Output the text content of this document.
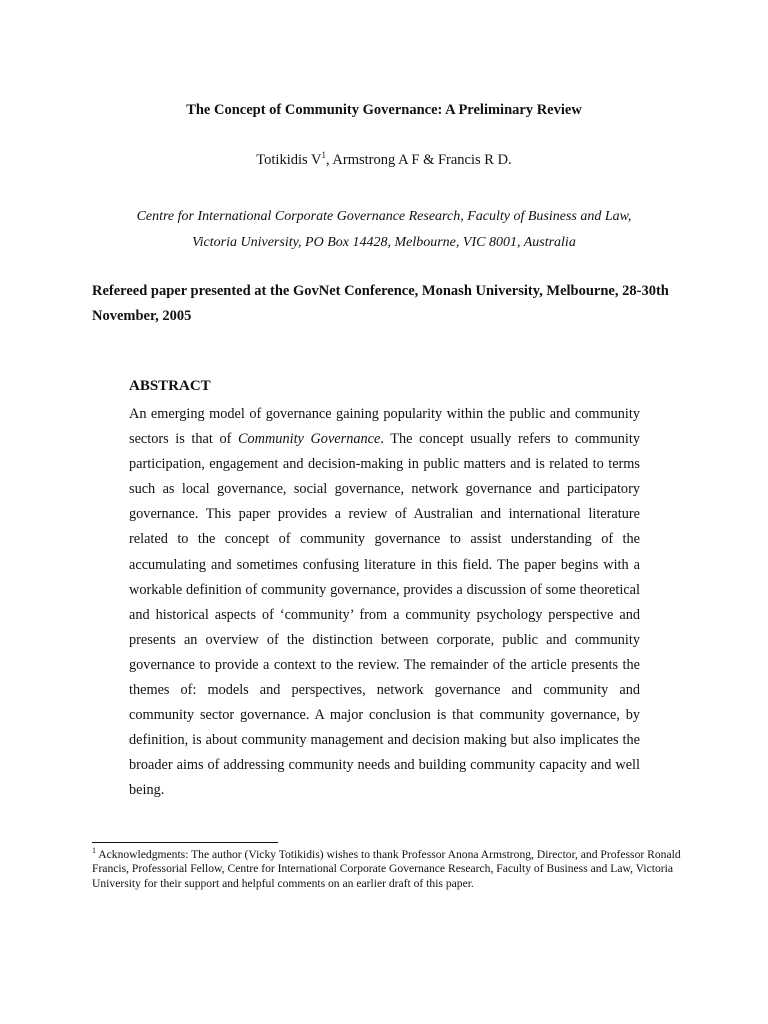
The Concept of Community Governance: A Preliminary Review
Totikidis $V^1$, Armstrong A F & Francis R D.
Centre for International Corporate Governance Research, Faculty of Business and Law,
Victoria University, PO Box 14428, Melbourne, VIC 8001, Australia
Refereed paper presented at the GovNet Conference, Monash University, Melbourne, 28-30th November, 2005
ABSTRACT
An emerging model of governance gaining popularity within the public and community sectors is that of Community Governance. The concept usually refers to community participation, engagement and decision-making in public matters and is related to terms such as local governance, social governance, network governance and participatory governance. This paper provides a review of Australian and international literature related to the concept of community governance to assist understanding of the accumulating and sometimes confusing literature in this field. The paper begins with a workable definition of community governance, provides a discussion of some theoretical and historical aspects of ‘community’ from a community psychology perspective and presents an overview of the distinction between corporate, public and community governance to provide a context to the review. The remainder of the article presents the themes of: models and perspectives, network governance and community and community sector governance. A major conclusion is that community governance, by definition, is about community management and decision making but also implicates the broader aims of addressing community needs and building community capacity and well being.
$^1$ Acknowledgments: The author (Vicky Totikidis) wishes to thank Professor Anona Armstrong, Director, and Professor Ronald Francis, Professorial Fellow, Centre for International Corporate Governance Research, Faculty of Business and Law, Victoria University for their support and helpful comments on an earlier draft of this paper.
